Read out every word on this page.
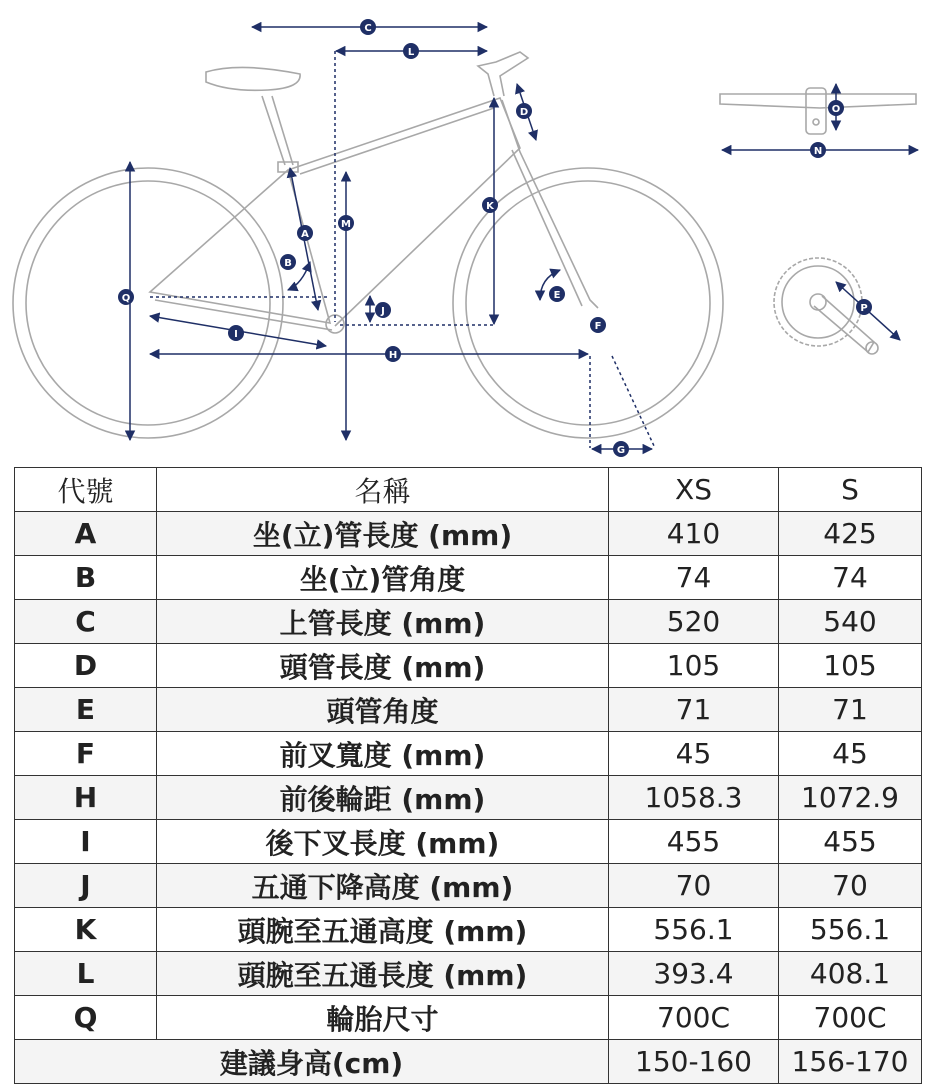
C
L
D
K
M
A
B
E
Q
J
F
I
H
G
O
N
P
代號	名稱	XS	S
A	坐(立)管長度 (mm)	410	425
B	坐(立)管角度	74	74
C	上管長度 (mm)	520	540
D	頭管長度 (mm)	105	105
E	頭管角度	71	71
F	前叉寬度 (mm)	45	45
H	前後輪距 (mm)	1058.3	1072.9
I	後下叉長度 (mm)	455	455
J	五通下降高度 (mm)	70	70
K	頭腕至五通高度 (mm)	556.1	556.1
L	頭腕至五通長度 (mm)	393.4	408.1
Q	輪胎尺寸	700C	700C
建議身高(cm)		150-160	156-170
